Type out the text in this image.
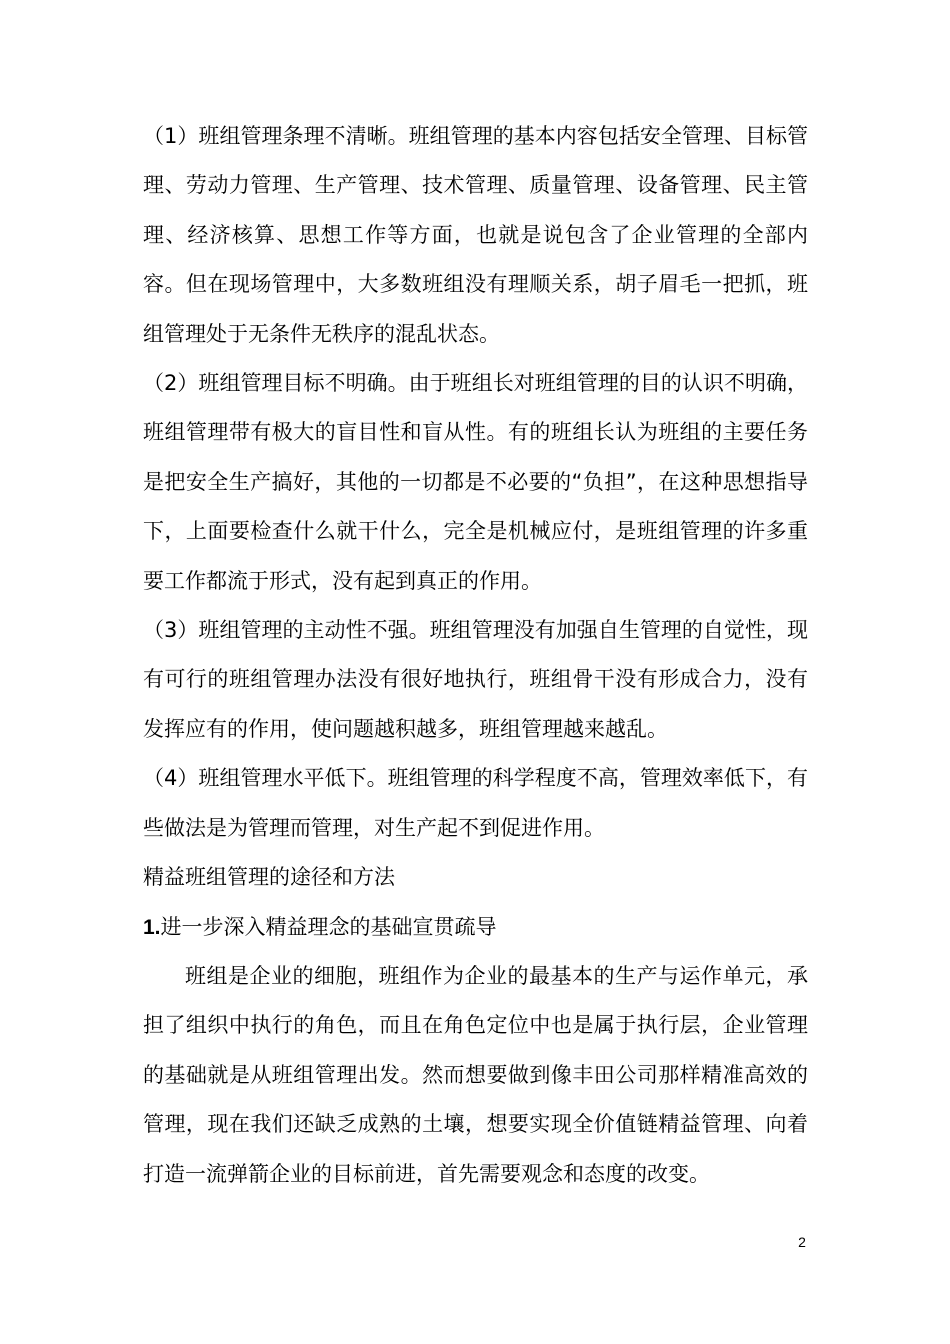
（1）班组管理条理不清晰。班组管理的基本内容包括安全管理、目标管理、劳动力管理、生产管理、技术管理、质量管理、设备管理、民主管理、经济核算、思想工作等方面，也就是说包含了企业管理的全部内容。但在现场管理中，大多数班组没有理顺关系，胡子眉毛一把抓，班组管理处于无条件无秩序的混乱状态。

（2）班组管理目标不明确。由于班组长对班组管理的目的认识不明确，班组管理带有极大的盲目性和盲从性。有的班组长认为班组的主要任务是把安全生产搞好，其他的一切都是不必要的“负担”，在这种思想指导下，上面要检查什么就干什么，完全是机械应付，是班组管理的许多重要工作都流于形式，没有起到真正的作用。

（3）班组管理的主动性不强。班组管理没有加强自生管理的自觉性，现有可行的班组管理办法没有很好地执行，班组骨干没有形成合力，没有发挥应有的作用，使问题越积越多，班组管理越来越乱。

（4）班组管理水平低下。班组管理的科学程度不高，管理效率低下，有些做法是为管理而管理，对生产起不到促进作用。

精益班组管理的途径和方法

1.进一步深入精益理念的基础宣贯疏导

班组是企业的细胞，班组作为企业的最基本的生产与运作单元，承担了组织中执行的角色，而且在角色定位中也是属于执行层，企业管理的基础就是从班组管理出发。然而想要做到像丰田公司那样精准高效的管理，现在我们还缺乏成熟的土壤，想要实现全价值链精益管理、向着打造一流弹箭企业的目标前进，首先需要观念和态度的改变。

2
